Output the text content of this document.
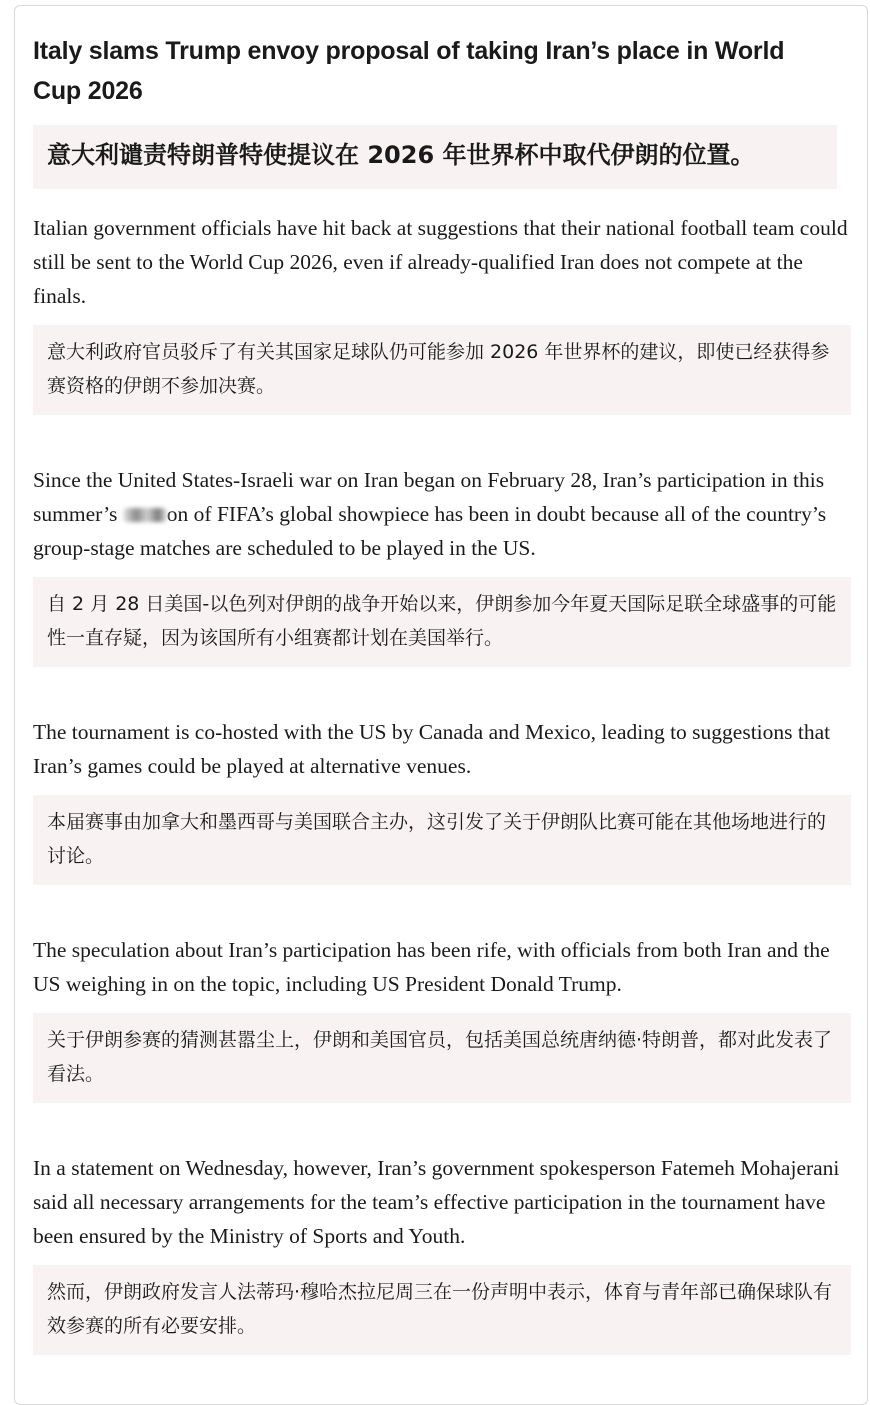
Italy slams Trump envoy proposal of taking Iran’s place in World Cup 2026
意大利谴责特朗普特使提议在 2026 年世界杯中取代伊朗的位置。

Italian government officials have hit back at suggestions that their national football team could still be sent to the World Cup 2026, even if already-qualified Iran does not compete at the finals.

意大利政府官员驳斥了有关其国家足球队仍可能参加 2026 年世界杯的建议，即使已经获得参赛资格的伊朗不参加决赛。

Since the United States-Israeli war on Iran began on February 28, Iran’s participation in this summer’s on of FIFA’s global showpiece has been in doubt because all of the country’s group-stage matches are scheduled to be played in the US.

自 2 月 28 日美国-以色列对伊朗的战争开始以来，伊朗参加今年夏天国际足联全球盛事的可能性一直存疑，因为该国所有小组赛都计划在美国举行。

The tournament is co-hosted with the US by Canada and Mexico, leading to suggestions that Iran’s games could be played at alternative venues.

本届赛事由加拿大和墨西哥与美国联合主办，这引发了关于伊朗队比赛可能在其他场地进行的讨论。

The speculation about Iran’s participation has been rife, with officials from both Iran and the US weighing in on the topic, including US President Donald Trump.

关于伊朗参赛的猜测甚嚣尘上，伊朗和美国官员，包括美国总统唐纳德·特朗普，都对此发表了看法。

In a statement on Wednesday, however, Iran’s government spokesperson Fatemeh Mohajerani said all necessary arrangements for the team’s effective participation in the tournament have been ensured by the Ministry of Sports and Youth.

然而，伊朗政府发言人法蒂玛·穆哈杰拉尼周三在一份声明中表示，体育与青年部已确保球队有效参赛的所有必要安排。
